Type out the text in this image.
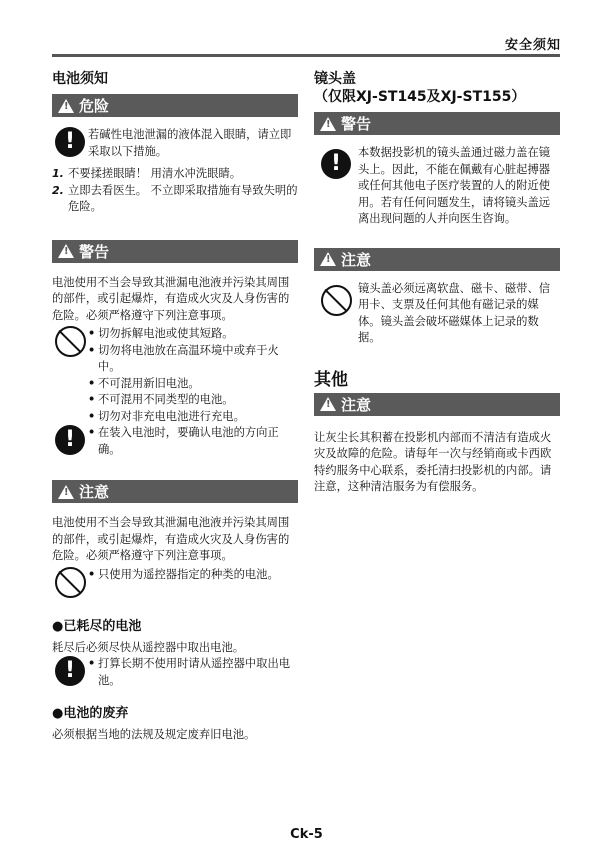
安全须知
电池须知
!
危险
!	若碱性电池泄漏的液体混入眼睛，请立即采取以下措施。

1. 不要揉搓眼睛！ 用清水冲洗眼睛。
2. 立即去看医生。 不立即采取措施有导致失明的危险。
!
警告

电池使用不当会导致其泄漏电池液并污染其周围的部件，或引起爆炸，有造成火灾及人身伤害的危险。必须严格遵守下列注意事项。

• 切勿拆解电池或使其短路。
• 切勿将电池放在高温环境中或弃于火中。
• 不可混用新旧电池。
• 不可混用不同类型的电池。
• 切勿对非充电电池进行充电。
!	• 在装入电池时，要确认电池的方向正确。
!
注意

电池使用不当会导致其泄漏电池液并污染其周围的部件，或引起爆炸，有造成火灾及人身伤害的危险。必须严格遵守下列注意事项。

• 只使用为遥控器指定的种类的电池。
●已耗尽的电池

耗尽后必须尽快从遥控器中取出电池。

!	• 打算长期不使用时请从遥控器中取出电池。
●电池的废弃

必须根据当地的法规及规定废弃旧电池。

镜头盖
（仅限XJ-ST145及XJ-ST155）
!
警告
!	本数据投影机的镜头盖通过磁力盖在镜头上。因此，不能在佩戴有心脏起搏器或任何其他电子医疗装置的人的附近使用。若有任何问题发生，请将镜头盖远离出现问题的人并向医生咨询。

!
注意

镜头盖必须远离软盘、磁卡、磁带、信用卡、支票及任何其他有磁记录的媒体。镜头盖会破坏磁媒体上记录的数据。

其他
!
注意

让灰尘长其积蓄在投影机内部而不清洁有造成火灾及故障的危险。请每年一次与经销商或卡西欧特约服务中心联系，委托清扫投影机的内部。请注意，这种清洁服务为有偿服务。

Ck-5
